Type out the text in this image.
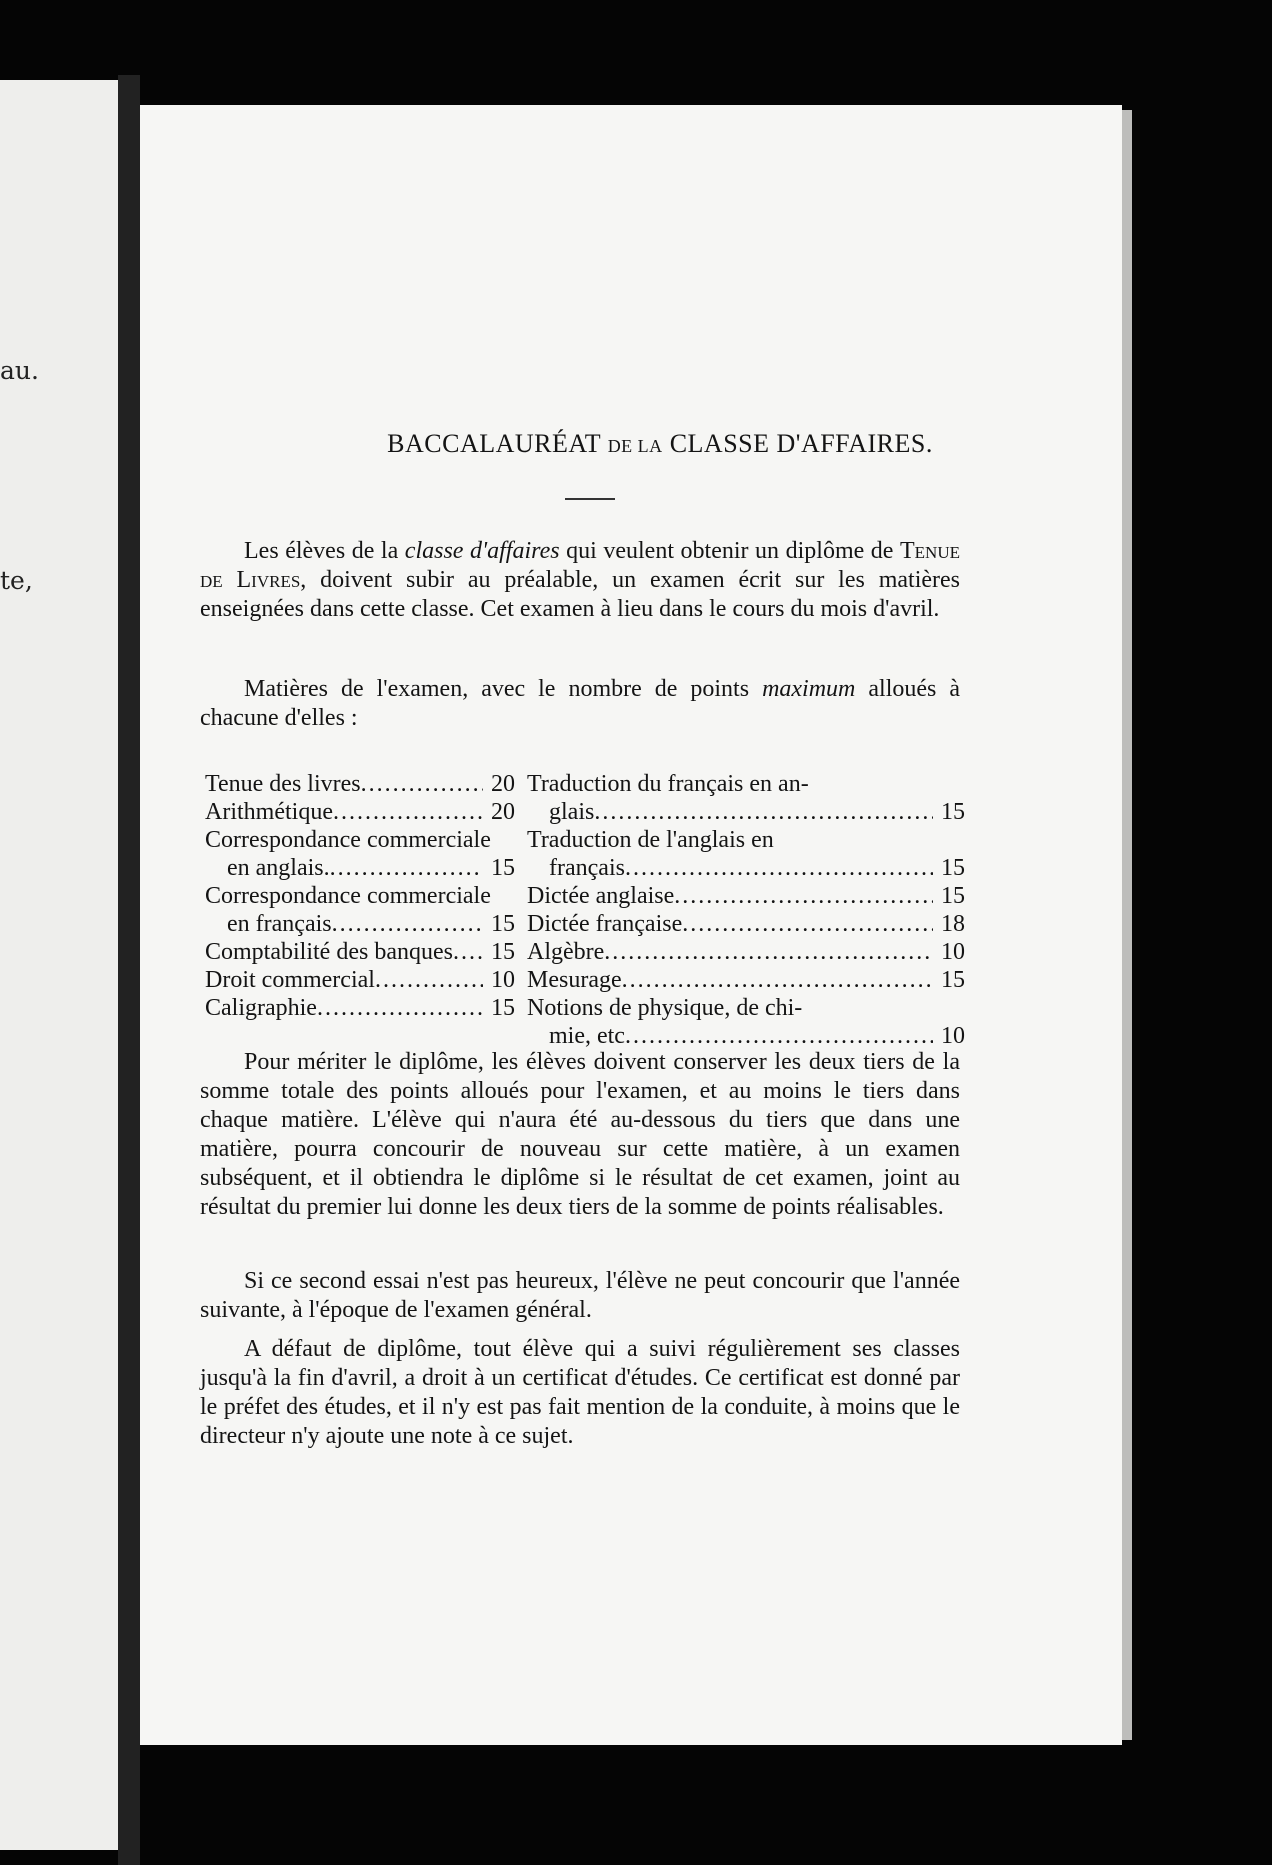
au.
te,
BACCALAURÉAT DE LA CLASSE D'AFFAIRES.
Les élèves de la classe d'affaires qui veulent obtenir un diplôme de Tenue de Livres, doivent subir au préalable, un examen écrit sur les matières enseignées dans cette classe. Cet examen à lieu dans le cours du mois d'avril.
Matières de l'examen, avec le nombre de points maximum alloués à chacune d'elles :
Tenue des livres .....	20
Arithmétique .....	20
Correspondance commerciale
en anglais. .....	15
Correspondance commerciale
en français .....	15
Comptabilité des banques .....	15
Droit commercial .....	10
Caligraphie .....	15
Traduction du français en an-
glais .....	15
Traduction de l'anglais en
français .....	15
Dictée anglaise .....	15
Dictée française .....	18
Algèbre .....	10
Mesurage .....	15
Notions de physique, de chi-
mie, etc .....	10
Pour mériter le diplôme, les élèves doivent conserver les deux tiers de la somme totale des points alloués pour l'examen, et au moins le tiers dans chaque matière. L'élève qui n'aura été au-dessous du tiers que dans une matière, pourra concourir de nouveau sur cette matière, à un examen subséquent, et il obtiendra le diplôme si le résultat de cet examen, joint au résultat du premier lui donne les deux tiers de la somme de points réalisables.
Si ce second essai n'est pas heureux, l'élève ne peut concourir que l'année suivante, à l'époque de l'examen général.
A défaut de diplôme, tout élève qui a suivi régulièrement ses classes jusqu'à la fin d'avril, a droit à un certificat d'études. Ce certificat est donné par le préfet des études, et il n'y est pas fait mention de la conduite, à moins que le directeur n'y ajoute une note à ce sujet.
